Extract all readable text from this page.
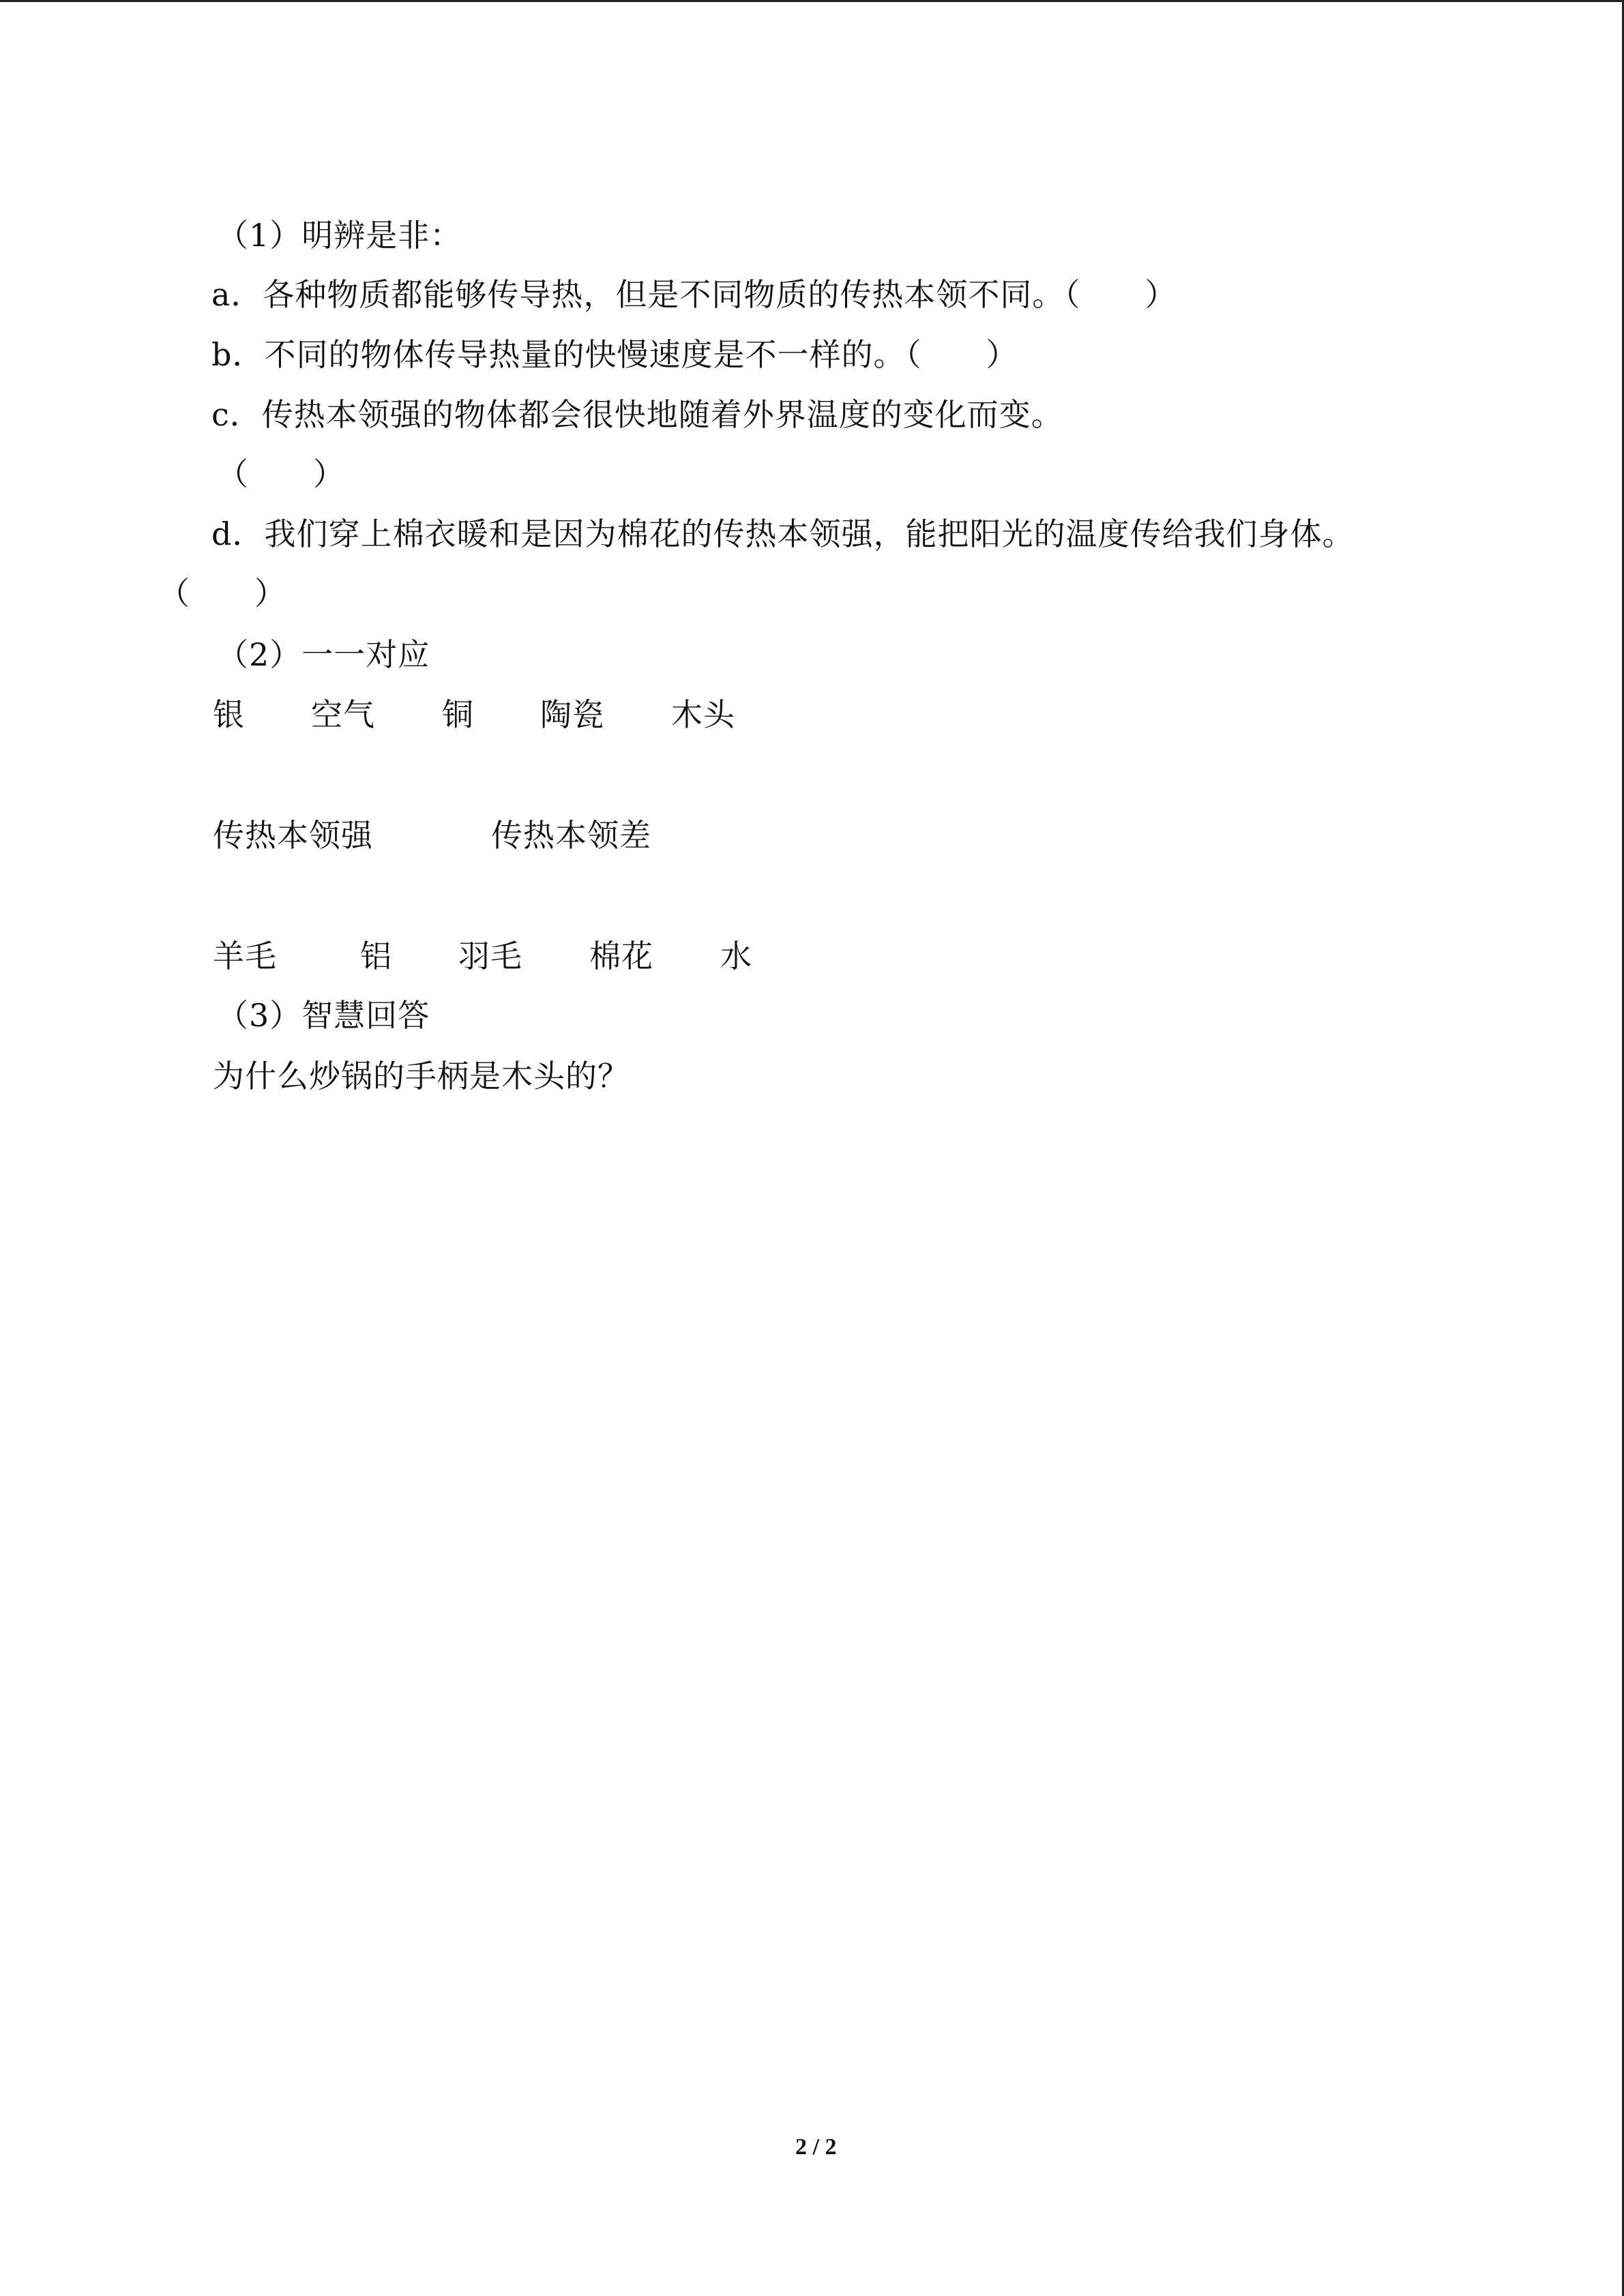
（1）明辨是非：
a．各种物质都能够传导热，但是不同物质的传热本领不同。（　　）
b．不同的物体传导热量的快慢速度是不一样的。（　　）
c．传热本领强的物体都会很快地随着外界温度的变化而变。
（　　）
d．我们穿上棉衣暖和是因为棉花的传热本领强，能把阳光的温度传给我们身体。
（　　）
（2）一一对应
银 空气 铜 陶瓷 木头
传热本领强	传热本领差
羊毛	铝 羽毛 棉花 水
（3）智慧回答
为什么炒锅的手柄是木头的？
2 / 2
